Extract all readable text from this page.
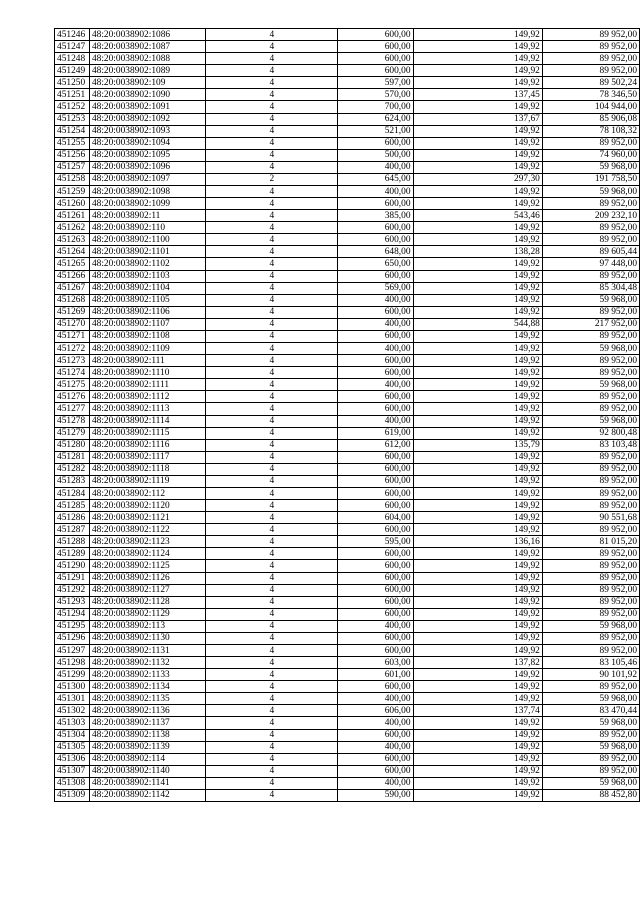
451246	48:20:0038902:1086	4	600,00	149,92	89 952,00
451247	48:20:0038902:1087	4	600,00	149,92	89 952,00
451248	48:20:0038902:1088	4	600,00	149,92	89 952,00
451249	48:20:0038902:1089	4	600,00	149,92	89 952,00
451250	48:20:0038902:109	4	597,00	149,92	89 502,24
451251	48:20:0038902:1090	4	570,00	137,45	78 346,50
451252	48:20:0038902:1091	4	700,00	149,92	104 944,00
451253	48:20:0038902:1092	4	624,00	137,67	85 906,08
451254	48:20:0038902:1093	4	521,00	149,92	78 108,32
451255	48:20:0038902:1094	4	600,00	149,92	89 952,00
451256	48:20:0038902:1095	4	500,00	149,92	74 960,00
451257	48:20:0038902:1096	4	400,00	149,92	59 968,00
451258	48:20:0038902:1097	2	645,00	297,30	191 758,50
451259	48:20:0038902:1098	4	400,00	149,92	59 968,00
451260	48:20:0038902:1099	4	600,00	149,92	89 952,00
451261	48:20:0038902:11	4	385,00	543,46	209 232,10
451262	48:20:0038902:110	4	600,00	149,92	89 952,00
451263	48:20:0038902:1100	4	600,00	149,92	89 952,00
451264	48:20:0038902:1101	4	648,00	138,28	89 605,44
451265	48:20:0038902:1102	4	650,00	149,92	97 448,00
451266	48:20:0038902:1103	4	600,00	149,92	89 952,00
451267	48:20:0038902:1104	4	569,00	149,92	85 304,48
451268	48:20:0038902:1105	4	400,00	149,92	59 968,00
451269	48:20:0038902:1106	4	600,00	149,92	89 952,00
451270	48:20:0038902:1107	4	400,00	544,88	217 952,00
451271	48:20:0038902:1108	4	600,00	149,92	89 952,00
451272	48:20:0038902:1109	4	400,00	149,92	59 968,00
451273	48:20:0038902:111	4	600,00	149,92	89 952,00
451274	48:20:0038902:1110	4	600,00	149,92	89 952,00
451275	48:20:0038902:1111	4	400,00	149,92	59 968,00
451276	48:20:0038902:1112	4	600,00	149,92	89 952,00
451277	48:20:0038902:1113	4	600,00	149,92	89 952,00
451278	48:20:0038902:1114	4	400,00	149,92	59 968,00
451279	48:20:0038902:1115	4	619,00	149,92	92 800,48
451280	48:20:0038902:1116	4	612,00	135,79	83 103,48
451281	48:20:0038902:1117	4	600,00	149,92	89 952,00
451282	48:20:0038902:1118	4	600,00	149,92	89 952,00
451283	48:20:0038902:1119	4	600,00	149,92	89 952,00
451284	48:20:0038902:112	4	600,00	149,92	89 952,00
451285	48:20:0038902:1120	4	600,00	149,92	89 952,00
451286	48:20:0038902:1121	4	604,00	149,92	90 551,68
451287	48:20:0038902:1122	4	600,00	149,92	89 952,00
451288	48:20:0038902:1123	4	595,00	136,16	81 015,20
451289	48:20:0038902:1124	4	600,00	149,92	89 952,00
451290	48:20:0038902:1125	4	600,00	149,92	89 952,00
451291	48:20:0038902:1126	4	600,00	149,92	89 952,00
451292	48:20:0038902:1127	4	600,00	149,92	89 952,00
451293	48:20:0038902:1128	4	600,00	149,92	89 952,00
451294	48:20:0038902:1129	4	600,00	149,92	89 952,00
451295	48:20:0038902:113	4	400,00	149,92	59 968,00
451296	48:20:0038902:1130	4	600,00	149,92	89 952,00
451297	48:20:0038902:1131	4	600,00	149,92	89 952,00
451298	48:20:0038902:1132	4	603,00	137,82	83 105,46
451299	48:20:0038902:1133	4	601,00	149,92	90 101,92
451300	48:20:0038902:1134	4	600,00	149,92	89 952,00
451301	48:20:0038902:1135	4	400,00	149,92	59 968,00
451302	48:20:0038902:1136	4	606,00	137,74	83 470,44
451303	48:20:0038902:1137	4	400,00	149,92	59 968,00
451304	48:20:0038902:1138	4	600,00	149,92	89 952,00
451305	48:20:0038902:1139	4	400,00	149,92	59 968,00
451306	48:20:0038902:114	4	600,00	149,92	89 952,00
451307	48:20:0038902:1140	4	600,00	149,92	89 952,00
451308	48:20:0038902:1141	4	400,00	149,92	59 968,00
451309	48:20:0038902:1142	4	590,00	149,92	88 452,80
